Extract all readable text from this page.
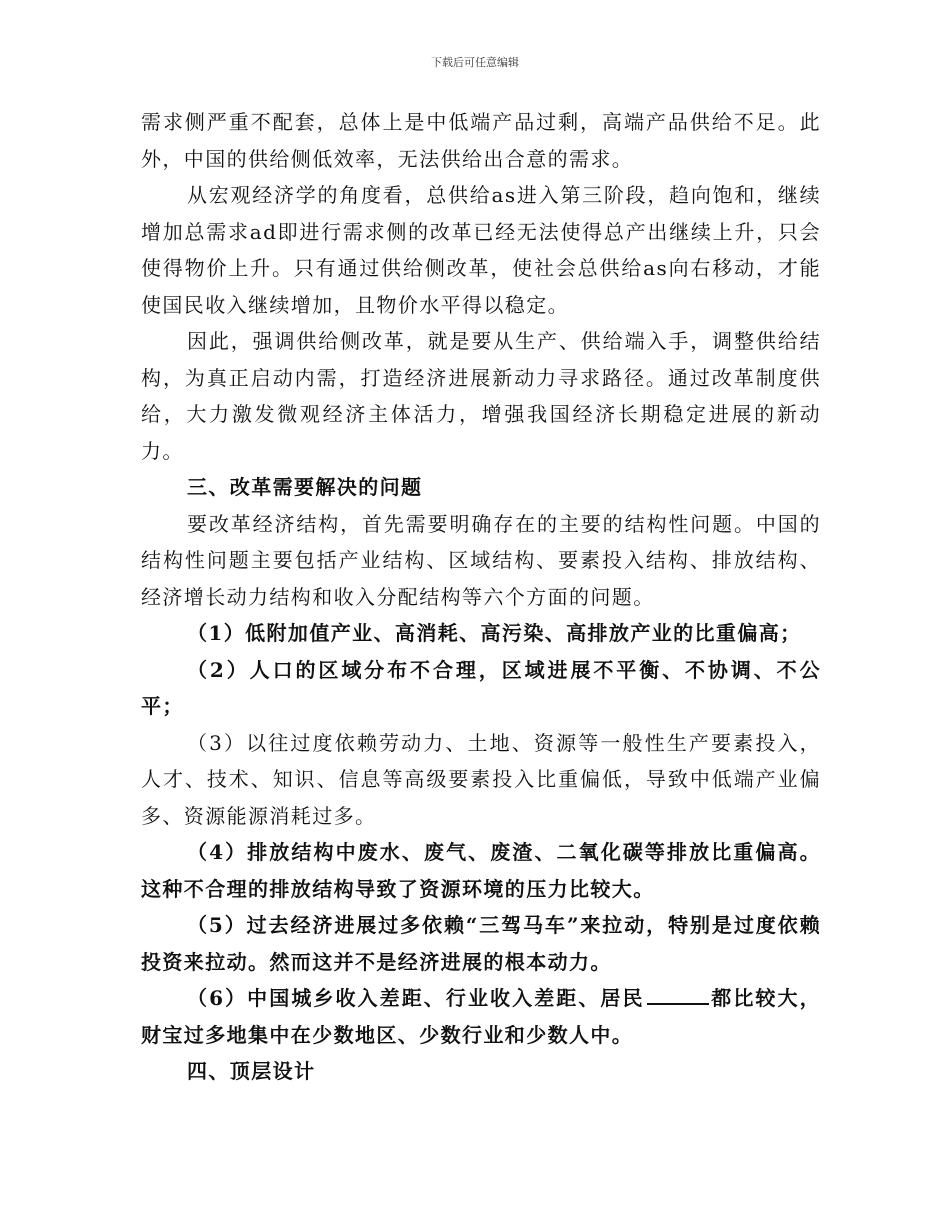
下载后可任意编辑

需求侧严重不配套，总体上是中低端产品过剩，高端产品供给不足。此外，中国的供给侧低效率，无法供给出合意的需求。

从宏观经济学的角度看，总供给as进入第三阶段，趋向饱和，继续增加总需求ad即进行需求侧的改革已经无法使得总产出继续上升，只会使得物价上升。只有通过供给侧改革，使社会总供给as向右移动，才能使国民收入继续增加，且物价水平得以稳定。

因此，强调供给侧改革，就是要从生产、供给端入手，调整供给结构，为真正启动内需，打造经济进展新动力寻求路径。通过改革制度供给，大力激发微观经济主体活力，增强我国经济长期稳定进展的新动力。

三、改革需要解决的问题

要改革经济结构，首先需要明确存在的主要的结构性问题。中国的结构性问题主要包括产业结构、区域结构、要素投入结构、排放结构、经济增长动力结构和收入分配结构等六个方面的问题。

（1）低附加值产业、高消耗、高污染、高排放产业的比重偏高；

（2）人口的区域分布不合理，区域进展不平衡、不协调、不公平；

（3）以往过度依赖劳动力、土地、资源等一般性生产要素投入，人才、技术、知识、信息等高级要素投入比重偏低，导致中低端产业偏多、资源能源消耗过多。

（4）排放结构中废水、废气、废渣、二氧化碳等排放比重偏高。这种不合理的排放结构导致了资源环境的压力比较大。

（5）过去经济进展过多依赖“三驾马车”来拉动，特别是过度依赖投资来拉动。然而这并不是经济进展的根本动力。

（6）中国城乡收入差距、行业收入差距、居民	都比较大，财宝过多地集中在少数地区、少数行业和少数人中。

四、顶层设计
